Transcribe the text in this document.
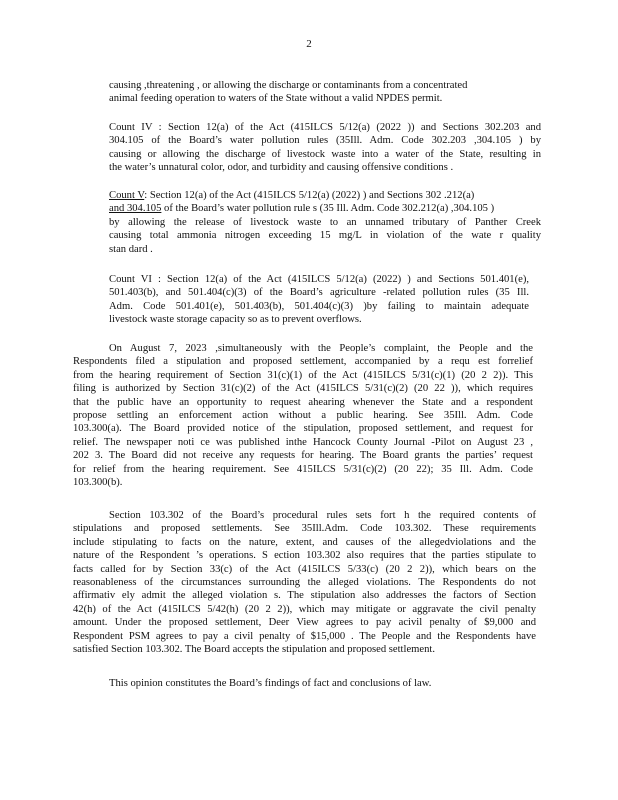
2
causing ,threatening , or allowing the discharge or contaminants from a concentrated
animal feeding operation to waters of the State without a valid NPDES permit.
Count IV : Section 12(a) of the Act (415ILCS 5/12(a) (2022 )) and Sections 302.203 and
304.105 of the Board’s water pollution rules (35Ill. Adm. Code 302.203 ,304.105 ) by
causing or allowing the discharge of livestock waste into a water of the State, resulting in
the water’s unnatural color, odor, and turbidity and causing offensive conditions .
Count V: Section 12(a) of the Act (415ILCS 5/12(a) (2022) ) and Sections 302 .212(a)
and 304.105 of the Board’s water pollution rule s (35 Ill. Adm. Code 302.212(a) ,304.105 )
by allowing the release of livestock waste to an unnamed tributary of Panther Creek
causing total ammonia nitrogen exceeding 15 mg/L in violation of the wate r quality
stan dard .
Count VI : Section 12(a) of the Act (415ILCS 5/12(a) (2022) ) and Sections 501.401(e),
501.403(b), and 501.404(c)(3) of the Board’s agriculture -related pollution rules (35 Ill.
Adm. Code 501.401(e), 501.403(b), 501.404(c)(3) )by failing to maintain adequate
livestock waste storage capacity so as to prevent overflows.
On August 7, 2023 ,simultaneously with the People’s complaint, the People and the
Respondents filed a stipulation and proposed settlement, accompanied by a requ est forrelief
from the hearing requirement of Section 31(c)(1) of the Act (415ILCS 5/31(c)(1) (20 2 2)). This
filing is authorized by Section 31(c)(2) of the Act (415ILCS 5/31(c)(2) (20 22 )), which requires
that the public have an opportunity to request ahearing whenever the State and a respondent
propose settling an enforcement action without a public hearing. See 35Ill. Adm. Code
103.300(a). The Board provided notice of the stipulation, proposed settlement, and request for
relief. The newspaper noti ce was published inthe Hancock County Journal -Pilot on August 23 ,
202 3. The Board did not receive any requests for hearing. The Board grants the parties’ request
for relief from the hearing requirement. See 415ILCS 5/31(c)(2) (20 22); 35 Ill. Adm. Code
103.300(b).
Section 103.302 of the Board’s procedural rules sets fort h the required contents of
stipulations and proposed settlements. See 35Ill.Adm. Code 103.302. These requirements
include stipulating to facts on the nature, extent, and causes of the allegedviolations and the
nature of the Respondent ’s operations. S ection 103.302 also requires that the parties stipulate to
facts called for by Section 33(c) of the Act (415ILCS 5/33(c) (20 2 2)), which bears on the
reasonableness of the circumstances surrounding the alleged violations. The Respondents do not
affirmativ ely admit the alleged violation s. The stipulation also addresses the factors of Section
42(h) of the Act (415ILCS 5/42(h) (20 2 2)), which may mitigate or aggravate the civil penalty
amount. Under the proposed settlement, Deer View agrees to pay acivil penalty of $9,000 and
Respondent PSM agrees to pay a civil penalty of $15,000 . The People and the Respondents have
satisfied Section 103.302. The Board accepts the stipulation and proposed settlement.
This opinion constitutes the Board’s findings of fact and conclusions of law.
